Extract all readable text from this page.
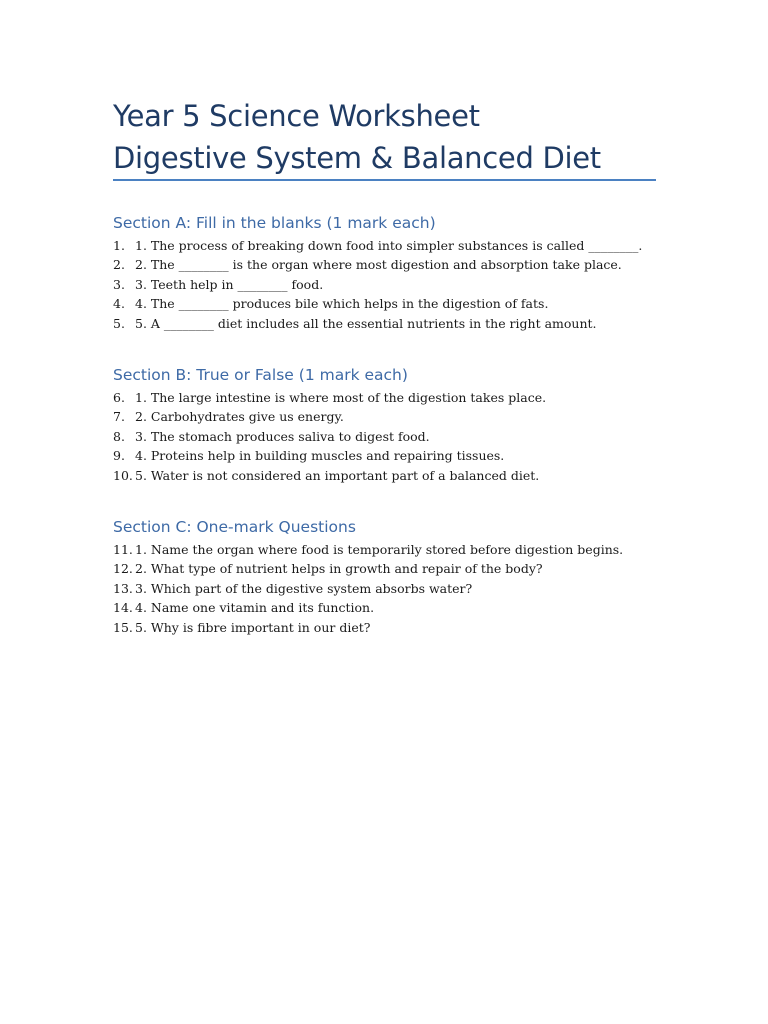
Year 5 Science Worksheet
Digestive System & Balanced Diet
Section A: Fill in the blanks (1 mark each)
1. 1. The process of breaking down food into simpler substances is called ________.
2. 2. The ________ is the organ where most digestion and absorption take place.
3. 3. Teeth help in ________ food.
4. 4. The ________ produces bile which helps in the digestion of fats.
5. 5. A ________ diet includes all the essential nutrients in the right amount.
Section B: True or False (1 mark each)
6. 1. The large intestine is where most of the digestion takes place.
7. 2. Carbohydrates give us energy.
8. 3. The stomach produces saliva to digest food.
9. 4. Proteins help in building muscles and repairing tissues.
10. 5. Water is not considered an important part of a balanced diet.
Section C: One-mark Questions
11. 1. Name the organ where food is temporarily stored before digestion begins.
12. 2. What type of nutrient helps in growth and repair of the body?
13. 3. Which part of the digestive system absorbs water?
14. 4. Name one vitamin and its function.
15. 5. Why is fibre important in our diet?
